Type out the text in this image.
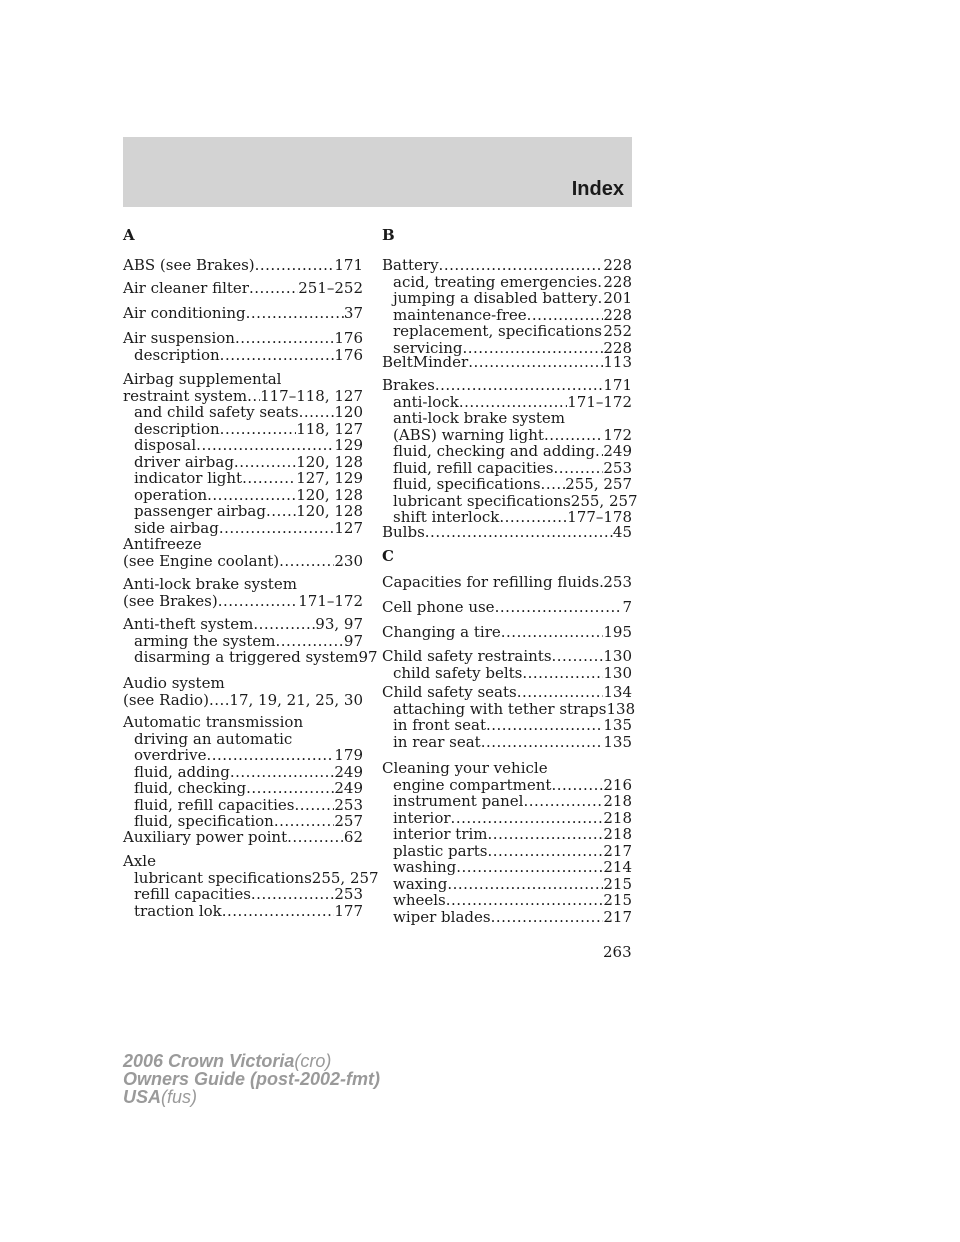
Index
A
ABS (see Brakes) .....	171
Air cleaner filter .....	251–252
Air conditioning .....	37
Air suspension .....	176
description .....	176
Airbag supplemental
restraint system ..... 117–118, 127
and child safety seats ..... 120
description .....	118, 127
disposal .....	129
driver airbag .....	120, 128
indicator light .....	127, 129
operation .....	120, 128
passenger airbag ..... 120, 128
side airbag .....	127
Antifreeze
(see Engine coolant) .....	230
Anti-lock brake system
(see Brakes) .....	171–172
Anti-theft system .....	93, 97
arming the system .....	97
disarming a triggered system 97
Audio system
(see Radio) ..... 17, 19, 21, 25, 30
Automatic transmission
driving an automatic
overdrive .....	179
fluid, adding .....	249
fluid, checking .....	249
fluid, refill capacities .....	253
fluid, specification .....	257
Auxiliary power point .....	62
Axle
lubricant specifications 255, 257
refill capacities .....	253
traction lok .....	177
B
Battery .....	228
acid, treating emergencies ..... 228
jumping a disabled battery ..... 201
maintenance-free .....	228
replacement, specifications ..... 252
servicing .....	228
BeltMinder .....	113
Brakes .....	171
anti-lock .....	171–172
anti-lock brake system
(ABS) warning light .....	172
fluid, checking and adding ..... 249
fluid, refill capacities .....	253
fluid, specifications ..... 255, 257
lubricant specifications 255, 257
shift interlock .....	177–178
Bulbs .....	45
C
Capacities for refilling fluids ..... 253
Cell phone use .....	7
Changing a tire .....	195
Child safety restraints .....	130
child safety belts .....	130
Child safety seats .....	134
attaching with tether straps 138
in front seat .....	135
in rear seat .....	135
Cleaning your vehicle
engine compartment .....	216
instrument panel .....	218
interior .....	218
interior trim .....	218
plastic parts .....	217
washing .....	214
waxing .....	215
wheels .....	215
wiper blades .....	217
263
2006 Crown Victoria(cro)
Owners Guide (post-2002-fmt)
USA(fus)
